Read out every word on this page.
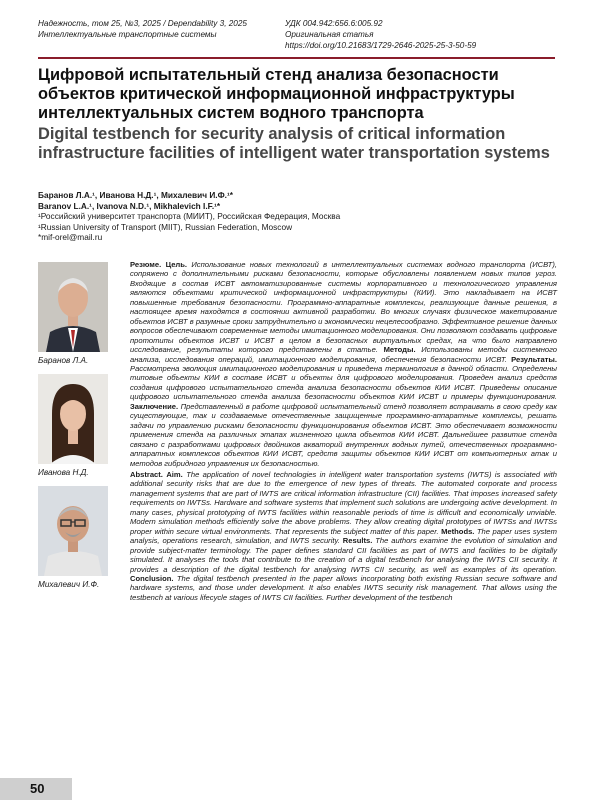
Надежность, том 25, №3, 2025 / Dependability 3, 2025
Интеллектуальные транспортные системы
УДК 004.942:656.6:005.92
Оригинальная статья
https://doi.org/10.21683/1729-2646-2025-25-3-50-59
Цифровой испытательный стенд анализа безопасности объектов критической информационной инфраструктуры интеллектуальных систем водного транспорта
Digital testbench for security analysis of critical information infrastructure facilities of intelligent water transportation systems
Баранов Л.А.¹, Иванова Н.Д.¹, Михалевич И.Ф.¹*
Baranov L.A.¹, Ivanova N.D.¹, Mikhalevich I.F.¹*
¹Российский университет транспорта (МИИТ), Российская Федерация, Москва
¹Russian University of Transport (MIIT), Russian Federation, Moscow
*mif-orel@mail.ru
Баранов Л.А.
Иванова Н.Д.
Михалевич И.Ф.

Резюме. Цель. Использование новых технологий в интеллектуальных системах водного транспорта (ИСВТ), сопряжено с дополнительными рисками безопасности, которые обусловлены появлением новых типов угроз. Входящие в состав ИСВТ автоматизированные системы корпоративного и технологического управления являются объектами критической информационной инфраструктуры (КИИ). Это накладывает на ИСВТ повышенные требования безопасности. Программно-аппаратные комплексы, реализующие данные решения, в настоящее время находятся в состоянии активной разработки. Во многих случаях физическое макетирование объектов ИСВТ в разумные сроки затруднительно и экономически нецелесообразно. Эффективное решение данных вопросов обеспечивают современные методы имитационного моделирования. Они позволяют создавать цифровые прототипы объектов ИСВТ и ИСВТ в целом в безопасных виртуальных средах, на что было направлено исследование, результаты которого представлены в статье. Методы. Использованы методы системного анализа, исследования операций, имитационного моделирования, обеспечения безопасности ИСВТ. Результаты. Рассмотрена эволюция имитационного моделирования и приведена терминология в данной области. Определены типовые объекты КИИ в составе ИСВТ и объекты для цифрового моделирования. Проведен анализ средств создания цифрового испытательного стенда анализа безопасности объектов КИИ ИСВТ. Приведены описание цифрового испытательного стенда анализа безопасности объектов КИИ ИСВТ и примеры функционирования. Заключение. Представленный в работе цифровой испытательный стенд позволяет встраивать в свою среду как существующие, так и создаваемые отечественные защищенные программно-аппаратные комплексы, решать задачи по управлению рисками безопасности функционирования объектов ИСВТ. Это обеспечивает возможности применения стенда на различных этапах жизненного цикла объектов КИИ ИСВТ. Дальнейшее развитие стенда связано с разработками цифровых двойников акваторий внутренних водных путей, отечественных программно-аппаратных комплексов объектов КИИ ИСВТ, средств защиты объектов КИИ ИСВТ от компьютерных атак и методов гибридного управления их безопасностью.

Abstract. Aim. The application of novel technologies in intelligent water transportation systems (IWTS) is associated with additional security risks that are due to the emergence of new types of threats. The automated corporate and process management systems that are part of IWTS are critical information infrastructure (CII) facilities. That imposes increased safety requirements on IWTSs. Hardware and software systems that implement such solutions are undergoing active development. In many cases, physical prototyping of IWTS facilities within reasonable periods of time is difficult and economically unviable. Modern simulation methods efficiently solve the above problems. They allow creating digital prototypes of IWTSs and IWTSs proper within secure virtual environments. That represents the subject matter of this paper. Methods. The paper uses system analysis, operations research, simulation, and IWTS security. Results. The authors examine the evolution of simulation and provide subject-matter terminology. The paper defines standard CII facilities as part of IWTS and facilities to be digitally simulated. It analyses the tools that contribute to the creation of a digital testbench for analysing the IWTS CII security. It provides a description of the digital testbench for analysing IWTS CII security, as well as examples of its operation. Conclusion. The digital testbench presented in the paper allows incorporating both existing Russian secure software and hardware systems, and those under development. It also enables IWTS security risk management. That allows using the testbench at various lifecycle stages of IWTS CII facilities. Further development of the testbench

50
